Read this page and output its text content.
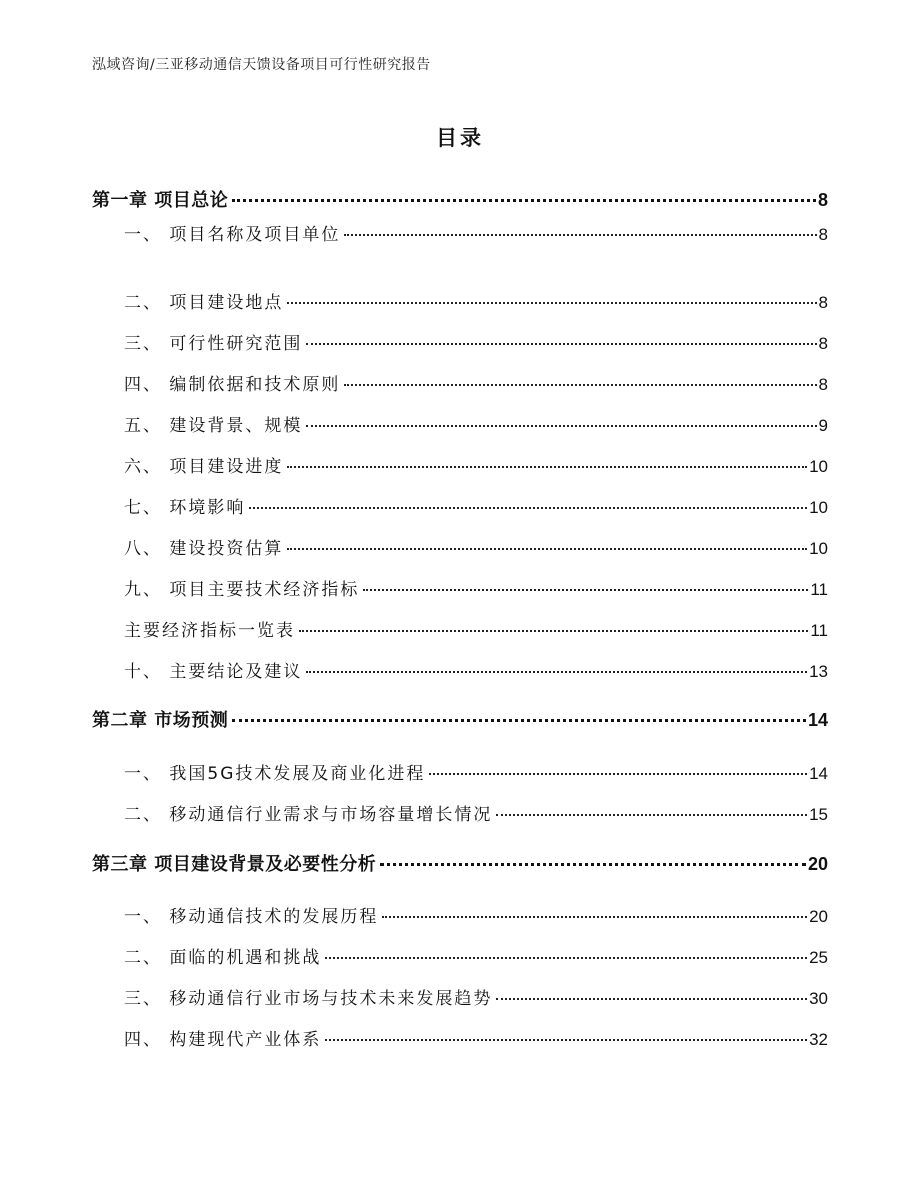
泓域咨询/三亚移动通信天馈设备项目可行性研究报告
目录
第一章 项目总论	8
一、 项目名称及项目单位	8
二、 项目建设地点	8
三、 可行性研究范围	8
四、 编制依据和技术原则	8
五、 建设背景、规模	9
六、 项目建设进度	10
七、 环境影响	10
八、 建设投资估算	10
九、 项目主要技术经济指标	11
主要经济指标一览表	11
十、 主要结论及建议	13
第二章 市场预测	14
一、 我国5G技术发展及商业化进程	14
二、 移动通信行业需求与市场容量增长情况	15
第三章 项目建设背景及必要性分析	20
一、 移动通信技术的发展历程	20
二、 面临的机遇和挑战	25
三、 移动通信行业市场与技术未来发展趋势	30
四、 构建现代产业体系	32
